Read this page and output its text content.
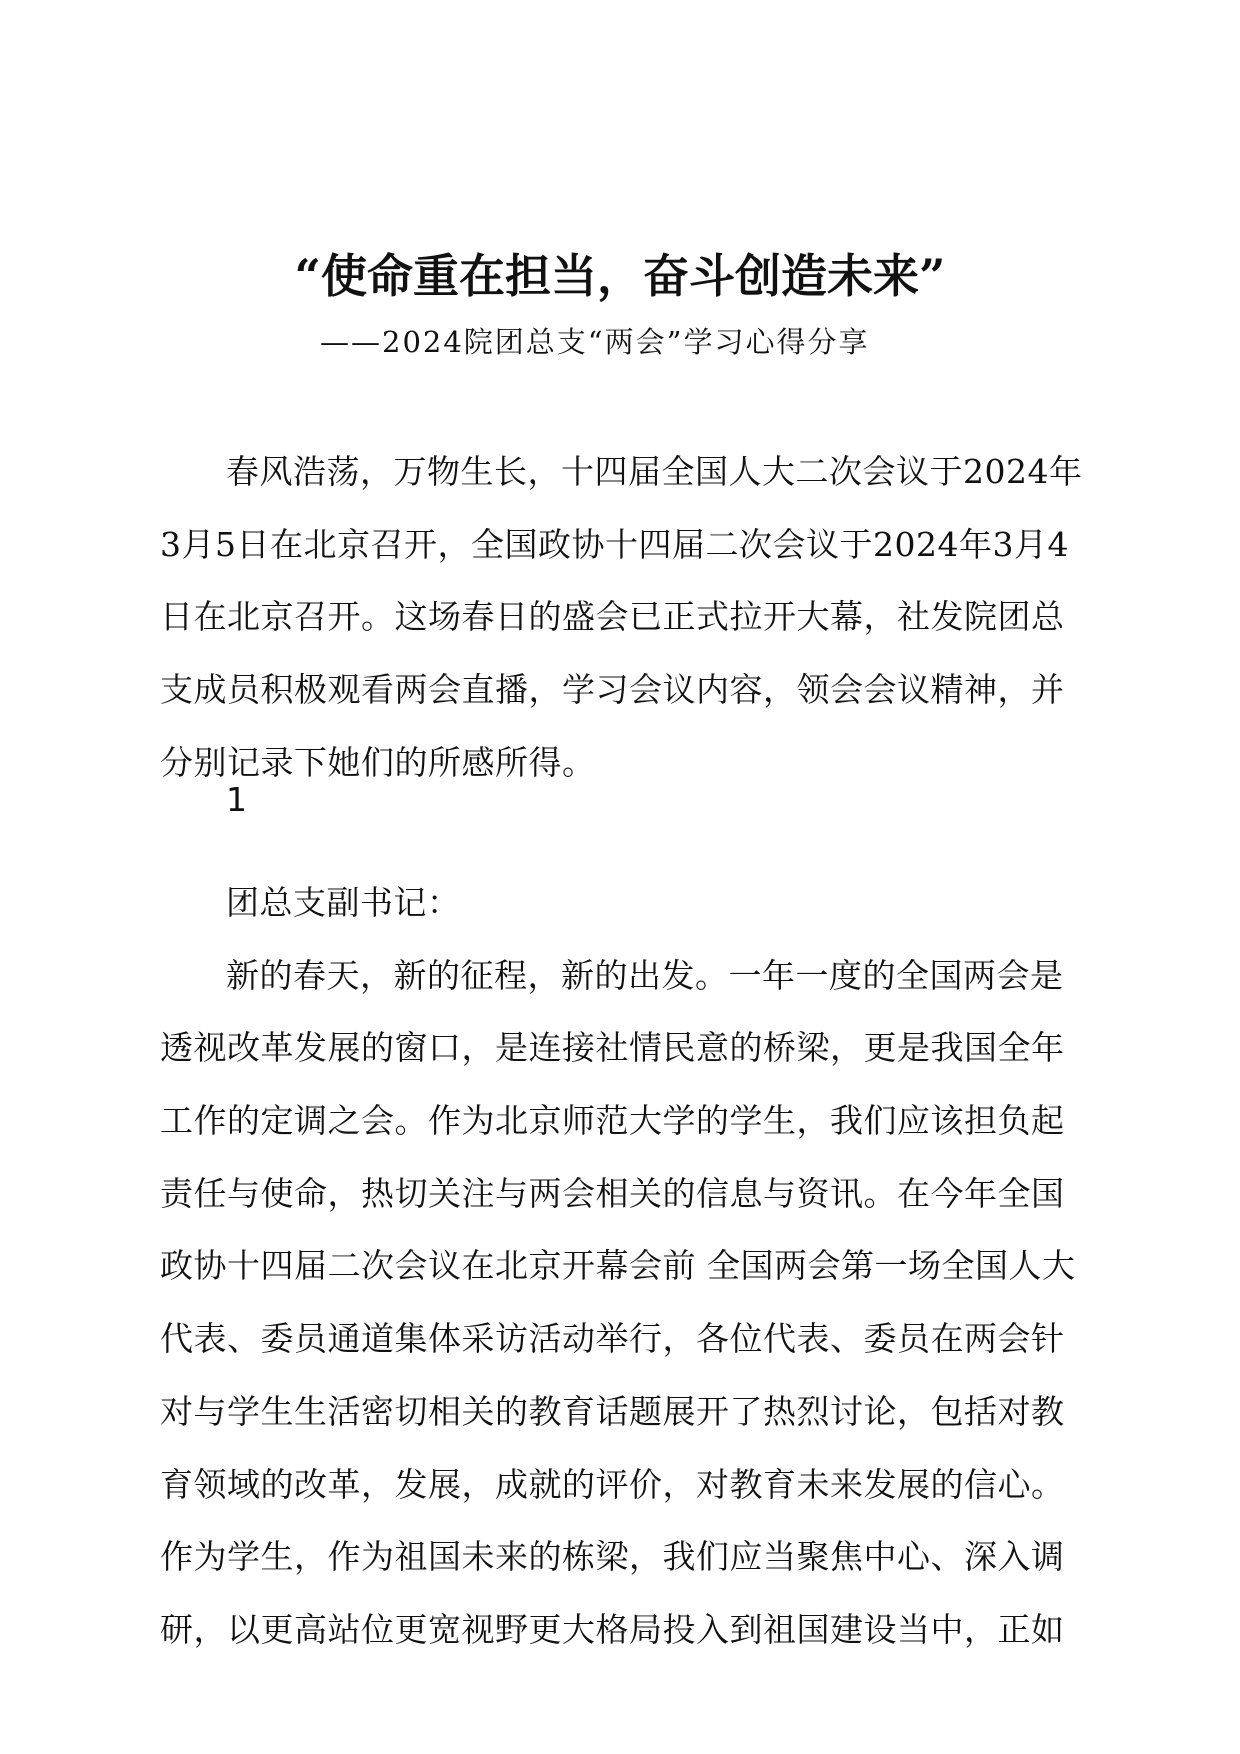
“使命重在担当，奋斗创造未来”
——2024院团总支“两会”学习心得分享
春风浩荡，万物生长，十四届全国人大二次会议于2024年
3月5日在北京召开，全国政协十四届二次会议于2024年3月4
日在北京召开。这场春日的盛会已正式拉开大幕，社发院团总
支成员积极观看两会直播，学习会议内容，领会会议精神，并
分别记录下她们的所感所得。
1
团总支副书记：
新的春天，新的征程，新的出发。一年一度的全国两会是
透视改革发展的窗口，是连接社情民意的桥梁，更是我国全年
工作的定调之会。作为北京师范大学的学生，我们应该担负起
责任与使命，热切关注与两会相关的信息与资讯。在今年全国
政协十四届二次会议在北京开幕会前 全国两会第一场全国人大
代表、委员通道集体采访活动举行，各位代表、委员在两会针
对与学生生活密切相关的教育话题展开了热烈讨论，包括对教
育领域的改革，发展，成就的评价，对教育未来发展的信心。
作为学生，作为祖国未来的栋梁，我们应当聚焦中心、深入调
研，以更高站位更宽视野更大格局投入到祖国建设当中，正如
